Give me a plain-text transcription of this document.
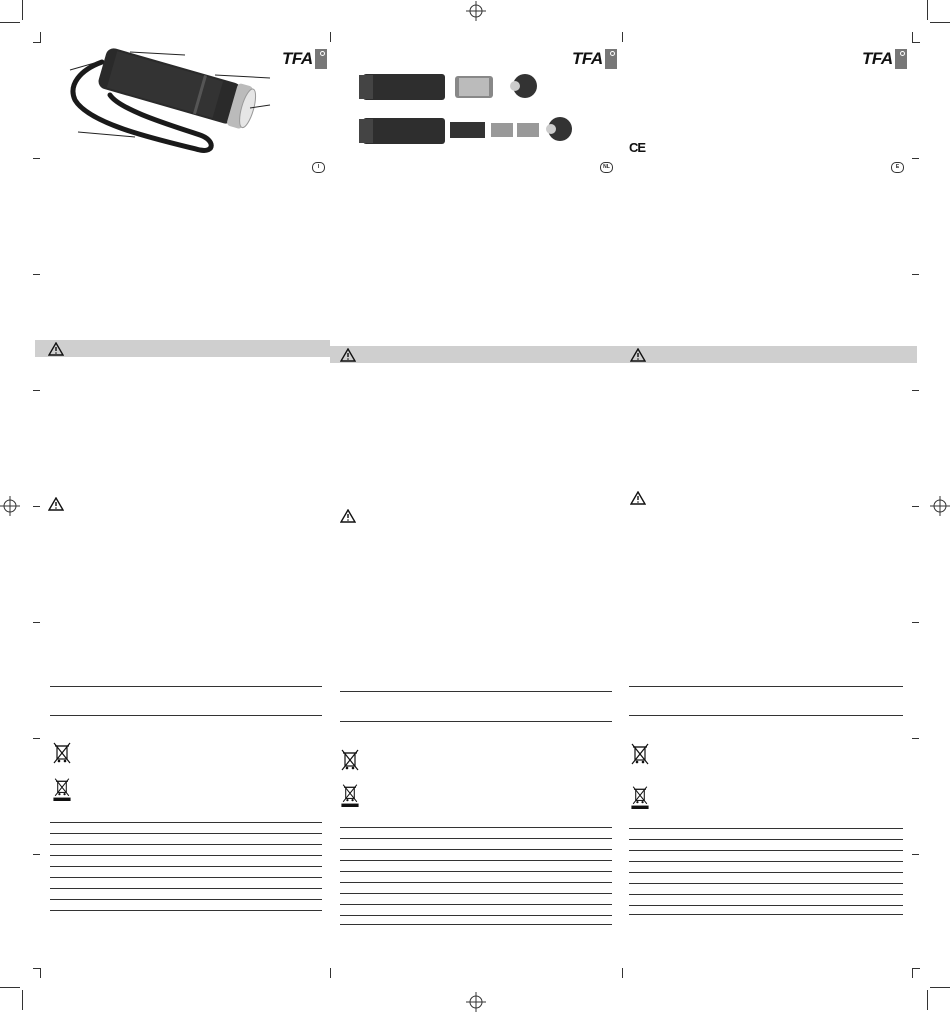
TFA
I
TFA
NL
TFA
CE
E
